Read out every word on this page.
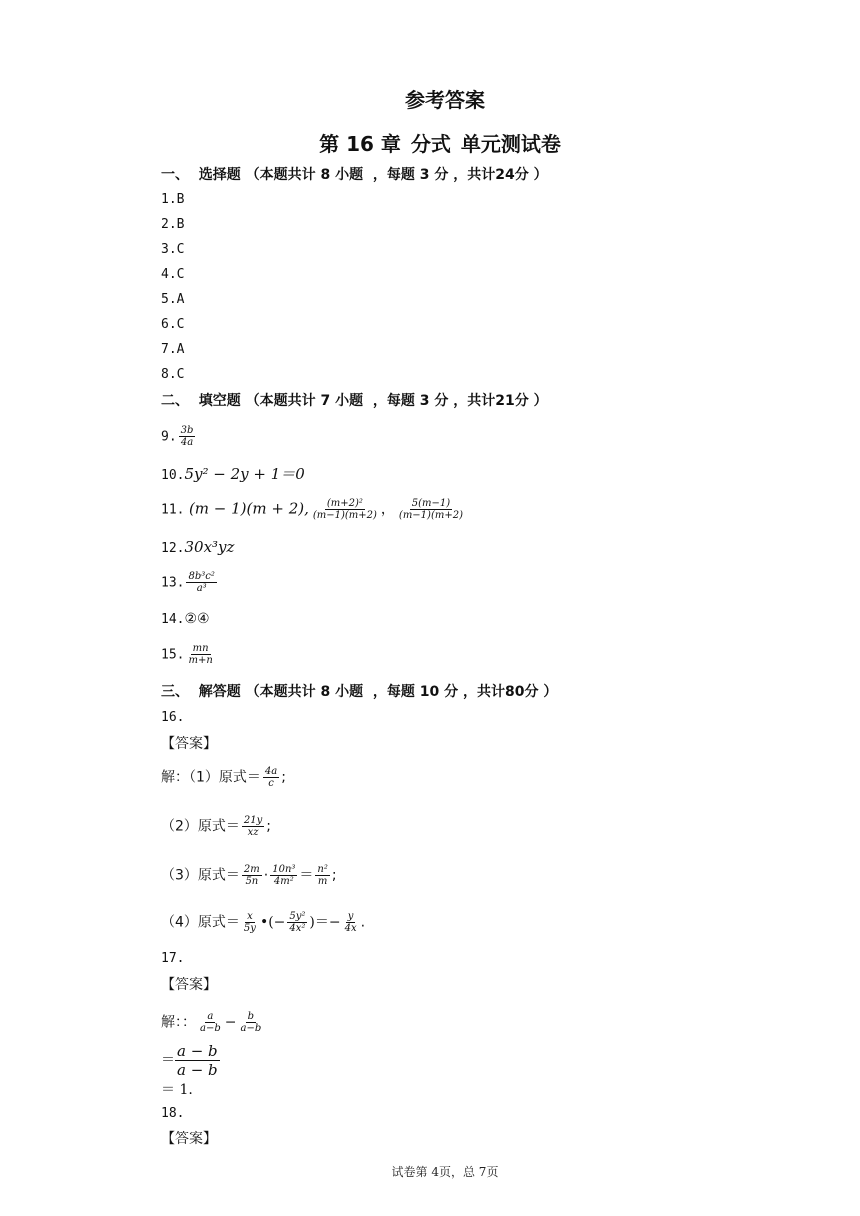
参考答案
第 16 章 分式 单元测试卷
一、  选择题 （本题共计 8 小题  ，每题 3 分 ，共计24分 ）
1.B
2.B
3.C
4.C
5.A
6.C
7.A
8.C
二、  填空题 （本题共计 7 小题  ，每题 3 分 ，共计21分 ）
9. $\frac{3b}{4a}$
10.5y² − 2y + 1＝0
11. (m − 1)(m + 2), $\frac{\text{(m+2)²}}{(m-1)(m+2)}$ ， $\frac{5(m-1)}{(m-1)(m+2)}$
12.30x³yz
13. $\frac{\text{8b³c²}}{\text{a³}}$
14.②④
15. $\frac{mn}{m+n}$
三、  解答题 （本题共计 8 小题  ，每题 10 分 ，共计80分 ）
16.
【答案】
解：（1）原式＝ $\frac{4a}{c}$ ;
（2）原式＝ $\frac{21y}{xz}$ ;
（3）原式＝ $\frac{2m}{5n} \cdot \frac{\text{10n³}}{\text{4m²}} = \frac{\text{n²}}{m}$ ;
（4）原式＝ $\frac{x}{5y}$ •(− $\frac{\text{5y²}}{\text{4x²}}$ )＝− $\frac{y}{4x}$ .
17.
【答案】
解：： $\frac{a}{a-b} - \frac{b}{a-b}$
＝ $\frac{a - b}{a - b}$
＝ 1.
18.
【答案】
试卷第 4页，总 7页
